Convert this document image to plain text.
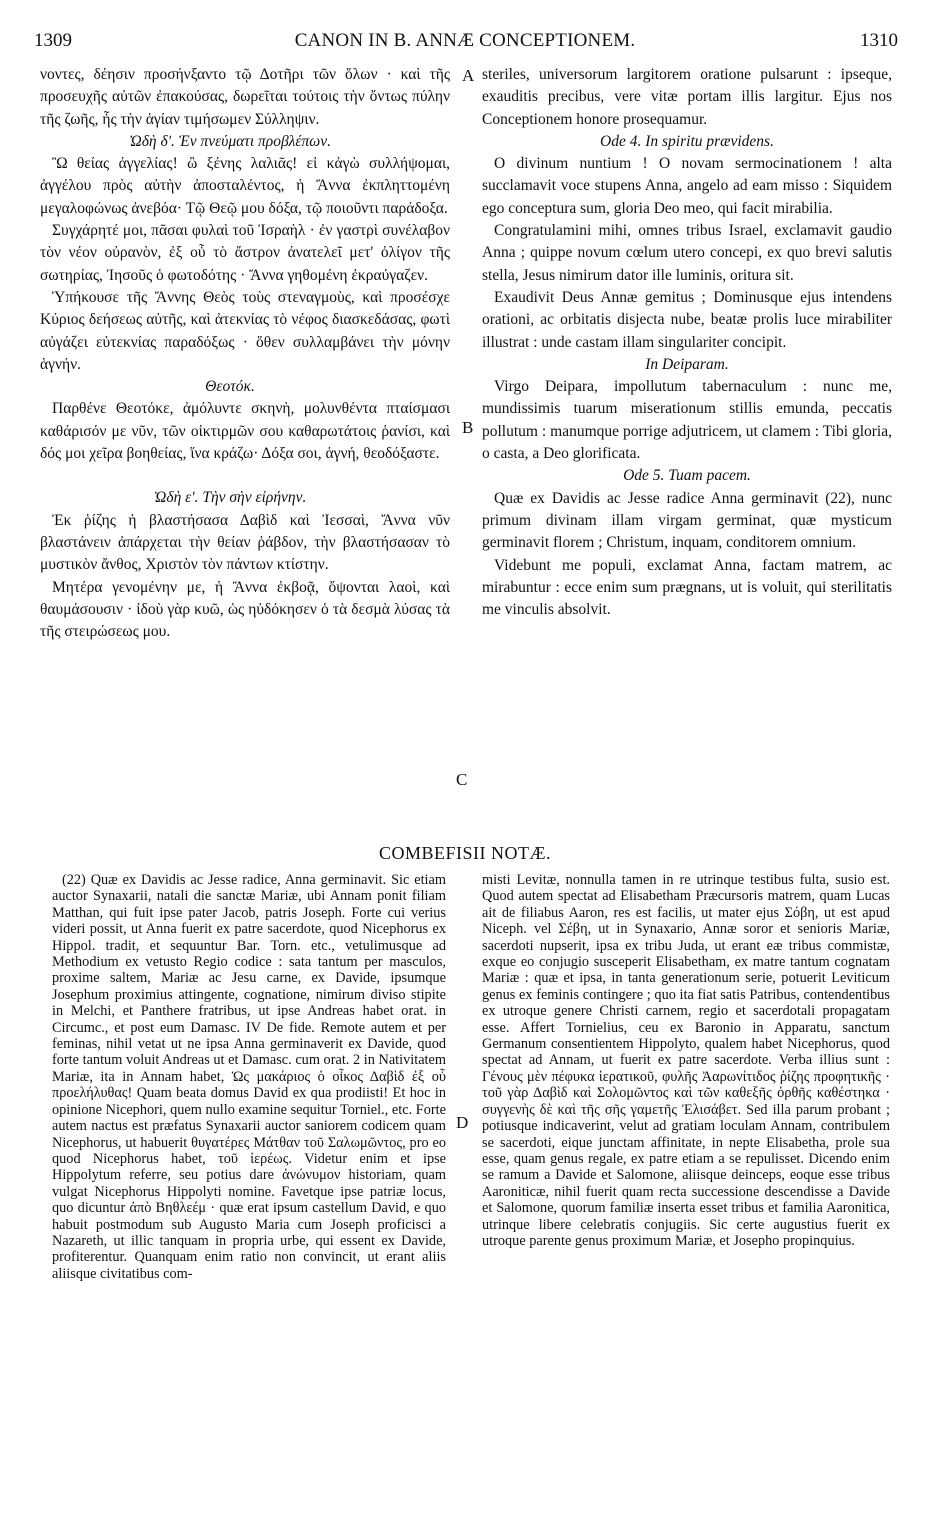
1309	CANON IN B. ANNÆ CONCEPTIONEM.	1310

νοντες, δέησιν προσήνξαντο τῷ Δοτῆρι τῶν ὅλων · καὶ τῆς προσευχῆς αὐτῶν ἐπακούσας, δωρεῖται τούτοις τὴν ὄντως πύλην τῆς ζωῆς, ἧς τὴν ἁγίαν τιμήσωμεν Σύλληψιν.

Ὠδὴ δʹ. Ἐν πνεύματι προβλέπων.

Ὢ θείας ἀγγελίας! ὢ ξένης λαλιᾶς! εἰ κἀγὼ συλλήψομαι, ἀγγέλου πρὸς αὐτὴν ἀποσταλέντος, ἡ Ἄννα ἐκπληττομένη μεγαλοφώνως ἀνεβόα· Τῷ Θεῷ μου δόξα, τῷ ποιοῦντι παράδοξα.

Συγχάρητέ μοι, πᾶσαι φυλαὶ τοῦ Ἰσραὴλ · ἐν γαστρὶ συνέλαβον τὸν νέον οὐρανὸν, ἐξ οὗ τὸ ἄστρον ἀνατελεῖ μετ' ὀλίγον τῆς σωτηρίας, Ἰησοῦς ὁ φωτοδότης · Ἄννα γηθομένη ἐκραύγαζεν.

Ὑπήκουσε τῆς Ἄννης Θεὸς τοὺς στεναγμοὺς, καὶ προσέσχε Κύριος δεήσεως αὐτῆς, καὶ ἀτεκνίας τὸ νέφος διασκεδάσας, φωτὶ αὐγάζει εὐτεκνίας παραδόξως · ὅθεν συλλαμβάνει τὴν μόνην ἁγνήν.

Θεοτόκ.

Παρθένε Θεοτόκε, ἀμόλυντε σκηνὴ, μολυνθέντα πταίσμασι καθάρισόν με νῦν, τῶν οἰκτιρμῶν σου καθαρωτάτοις ῥανίσι, καὶ δός μοι χεῖρα βοηθείας, ἵνα κράζω· Δόξα σοι, ἁγνή, θεοδόξαστε.

Ὠδὴ εʹ. Τὴν σὴν εἰρήνην.

Ἐκ ῥίζης ἡ βλαστήσασα Δαβὶδ καὶ Ἰεσσαὶ, Ἄννα νῦν βλαστάνειν ἀπάρχεται τὴν θείαν ῥάβδον, τὴν βλαστήσασαν τὸ μυστικὸν ἄνθος, Χριστὸν τὸν πάντων κτίστην.

Μητέρα γενομένην με, ἡ Ἄννα ἐκβοᾷ, ὄψονται λαοὶ, καὶ θαυμάσουσιν · ἰδοὺ γὰρ κυῶ, ὡς ηὐδόκησεν ὁ τὰ δεσμὰ λύσας τὰ τῆς στειρώσεως μου.

A
B
C
D

steriles, universorum largitorem oratione pulsarunt : ipseque, exauditis precibus, vere vitæ portam illis largitur. Ejus nos Conceptionem honore prosequamur.

Ode 4. In spiritu prævidens.

O divinum nuntium ! O novam sermocinationem ! alta succlamavit voce stupens Anna, angelo ad eam misso : Siquidem ego conceptura sum, gloria Deo meo, qui facit mirabilia.

Congratulamini mihi, omnes tribus Israel, exclamavit gaudio Anna ; quippe novum cœlum utero concepi, ex quo brevi salutis stella, Jesus nimirum dator ille luminis, oritura sit.

Exaudivit Deus Annæ gemitus ; Dominusque ejus intendens orationi, ac orbitatis disjecta nube, beatæ prolis luce mirabiliter illustrat : unde castam illam singulariter concipit.

In Deiparam.

Virgo Deipara, impollutum tabernaculum : nunc me, mundissimis tuarum miserationum stillis emunda, peccatis pollutum : manumque porrige adjutricem, ut clamem : Tibi gloria, o casta, a Deo glorificata.

Ode 5. Tuam pacem.

Quæ ex Davidis ac Jesse radice Anna germinavit (22), nunc primum divinam illam virgam germinat, quæ mysticum germinavit florem ; Christum, inquam, conditorem omnium.

Videbunt me populi, exclamat Anna, factam matrem, ac mirabuntur : ecce enim sum prægnans, ut is voluit, qui sterilitatis me vinculis absolvit.

COMBEFISII NOTÆ.

(22) Quæ ex Davidis ac Jesse radice, Anna germinavit. Sic etiam auctor Synaxarii, natali die sanctæ Mariæ, ubi Annam ponit filiam Matthan, qui fuit ipse pater Jacob, patris Joseph. Forte cui verius videri possit, ut Anna fuerit ex patre sacerdote, quod Nicephorus ex Hippol. tradit, et sequuntur Bar. Torn. etc., vetulimusque ad Methodium ex vetusto Regio codice : sata tantum per masculos, proxime saltem, Mariæ ac Jesu carne, ex Davide, ipsumque Josephum proximius attingente, cognatione, nimirum diviso stipite in Melchi, et Panthere fratribus, ut ipse Andreas habet orat. in Circumc., et post eum Damasc. IV De fide. Remote autem et per feminas, nihil vetat ut ne ipsa Anna germinaverit ex Davide, quod forte tantum voluit Andreas ut et Damasc. cum orat. 2 in Nativitatem Mariæ, ita in Annam habet, Ὡς μακάριος ὁ οἶκος Δαβὶδ ἐξ οὗ προελήλυθας! Quam beata domus David ex qua prodiisti! Et hoc in opinione Nicephori, quem nullo examine sequitur Torniel., etc. Forte autem nactus est præfatus Synaxarii auctor saniorem codicem quam Nicephorus, ut habuerit θυγατέρες Μάτθαν τοῦ Σαλωμῶντος, pro eo quod Nicephorus habet, τοῦ ἱερέως. Videtur enim et ipse Hippolytum referre, seu potius dare ἀνώνυμον historiam, quam vulgat Nicephorus Hippolyti nomine. Favetque ipse patriæ locus, quo dicuntur ἀπὸ Βηθλεέμ · quæ erat ipsum castellum David, e quo habuit postmodum sub Augusto Maria cum Joseph proficisci a Nazareth, ut illic tanquam in propria urbe, qui essent ex Davide, profiterentur. Quanquam enim ratio non convincit, ut erant aliis aliisque civitatibus com-

misti Levitæ, nonnulla tamen in re utrinque testibus fulta, susio est. Quod autem spectat ad Elisabetham Præcursoris matrem, quam Lucas ait de filiabus Aaron, res est facilis, ut mater ejus Σόβη, ut est apud Niceph. vel Σέβη, ut in Synaxario, Annæ soror et senioris Mariæ, sacerdoti nupserit, ipsa ex tribu Juda, ut erant eæ tribus commistæ, exque eo conjugio susceperit Elisabetham, ex matre tantum cognatam Mariæ : quæ et ipsa, in tanta generationum serie, potuerit Leviticum genus ex feminis contingere ; quo ita fiat satis Patribus, contendentibus ex utroque genere Christi carnem, regio et sacerdotali propagatam esse. Affert Tornielius, ceu ex Baronio in Apparatu, sanctum Germanum consentientem Hippolyto, qualem habet Nicephorus, quod spectat ad Annam, ut fuerit ex patre sacerdote. Verba illius sunt : Γένους μὲν πέφυκα ἱερατικοῦ, φυλῆς Ἀαρωνίτιδος ῥίζης προφητικῆς · τοῦ γὰρ Δαβὶδ καὶ Σολομῶντος καὶ τῶν καθεξῆς ὀρθῆς καθέστηκα · συγγενὴς δὲ καὶ τῆς σῆς γαμετῆς Ἐλισάβετ. Sed illa parum probant ; potiusque indicaverint, velut ad gratiam loculam Annam, contribulem se sacerdoti, eique junctam affinitate, in nepte Elisabetha, prole sua esse, quam genus regale, ex patre etiam a se repulisset. Dicendo enim se ramum a Davide et Salomone, aliisque deinceps, eoque esse tribus Aaroniticæ, nihil fuerit quam recta successione descendisse a Davide et Salomone, quorum familiæ inserta esset tribus et familia Aaronitica, utrinque libere celebratis conjugiis. Sic certe augustius fuerit ex utroque parente genus proximum Mariæ, et Josepho propinquius.
